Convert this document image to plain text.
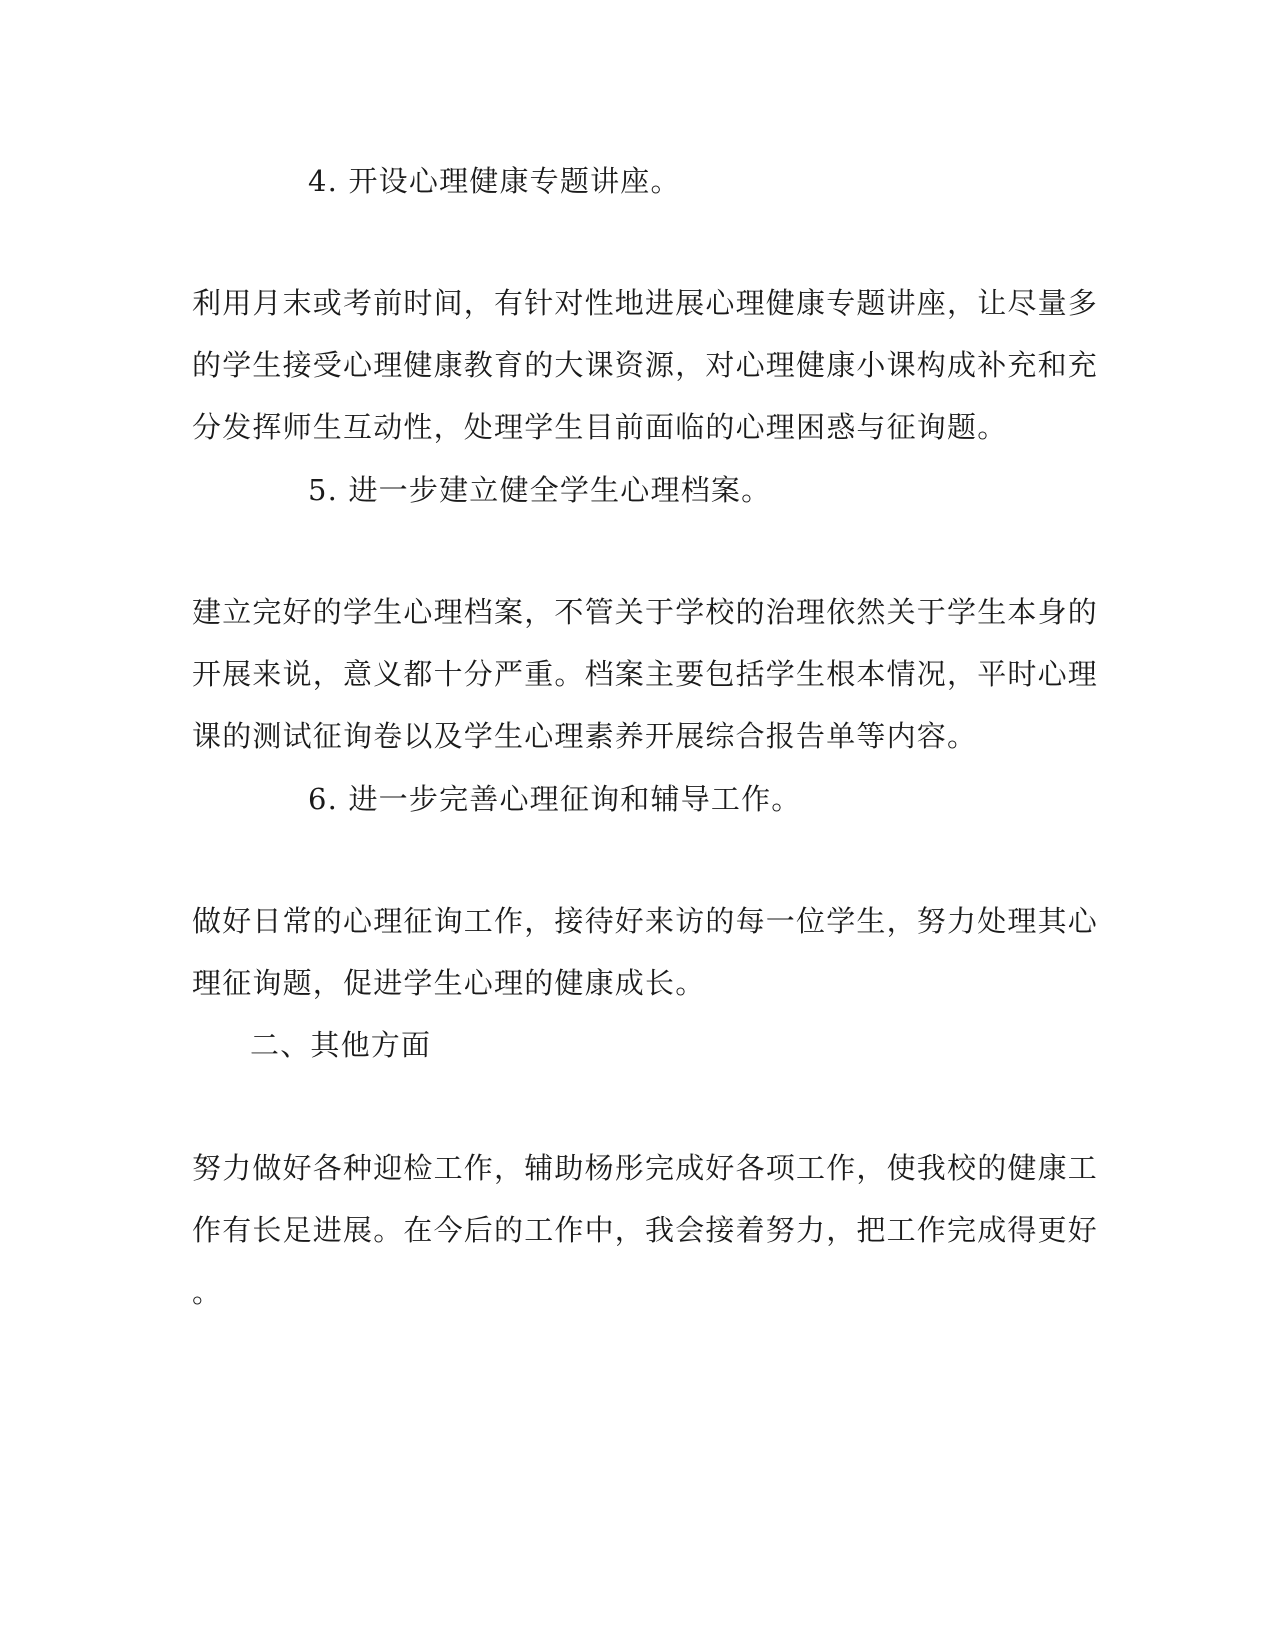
4. 开设心理健康专题讲座。
利用月末或考前时间，有针对性地进展心理健康专题讲座，让尽量多
的学生接受心理健康教育的大课资源，对心理健康小课构成补充和充
分发挥师生互动性，处理学生目前面临的心理困惑与征询题。
5. 进一步建立健全学生心理档案。
建立完好的学生心理档案，不管关于学校的治理依然关于学生本身的
开展来说，意义都十分严重。档案主要包括学生根本情况，平时心理
课的测试征询卷以及学生心理素养开展综合报告单等内容。
6. 进一步完善心理征询和辅导工作。
做好日常的心理征询工作，接待好来访的每一位学生，努力处理其心
理征询题，促进学生心理的健康成长。
二、其他方面
努力做好各种迎检工作，辅助杨彤完成好各项工作，使我校的健康工
作有长足进展。在今后的工作中，我会接着努力，把工作完成得更好
。
